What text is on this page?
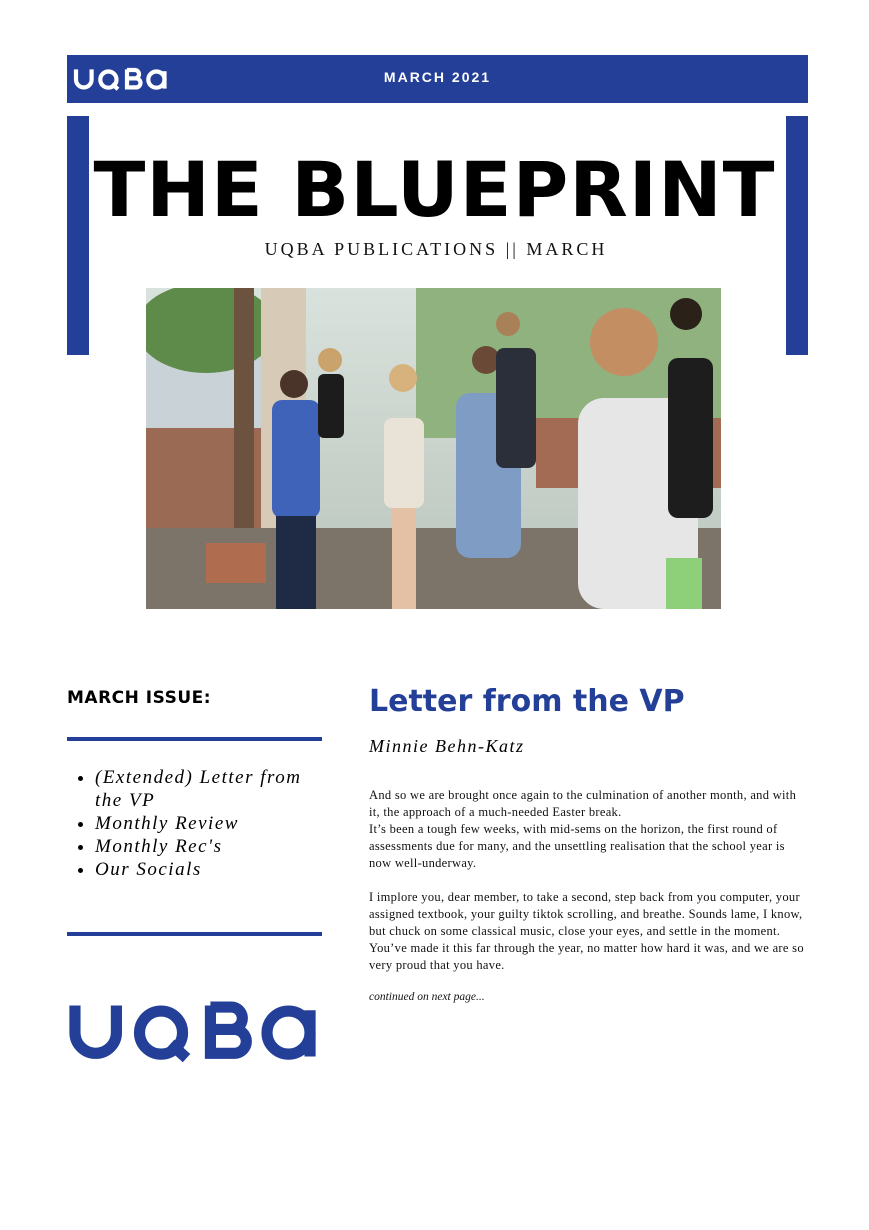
MARCH 2021
THE BLUEPRINT
UQBA PUBLICATIONS || MARCH
MARCH ISSUE:
• (Extended) Letter from the VP
• Monthly Review
• Monthly Rec's
• Our Socials
Letter from the VP
Minnie Behn-Katz

And so we are brought once again to the culmination of another month, and with it, the approach of a much-needed Easter break.

It’s been a tough few weeks, with mid-sems on the horizon, the first round of assessments due for many, and the unsettling realisation that the school year is now well-underway.

I implore you, dear member, to take a second, step back from you computer, your assigned textbook, your guilty tiktok scrolling, and breathe. Sounds lame, I know, but chuck on some classical music, close your eyes, and settle in the moment. You’ve made it this far through the year, no matter how hard it was, and we are so very proud that you have.

continued on next page...
